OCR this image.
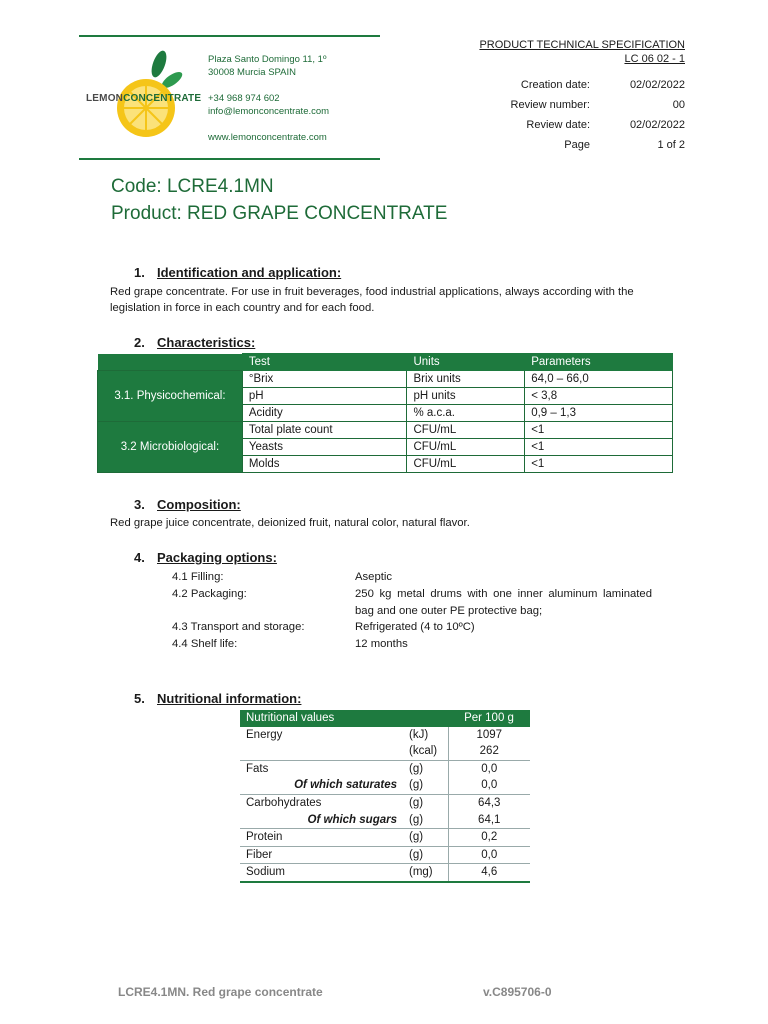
LEMONCONCENTRATE
Plaza Santo Domingo 11, 1º
30008 Murcia SPAIN
+34 968 974 602
info@lemonconcentrate.com
www.lemonconcentrate.com
PRODUCT TECHNICAL SPECIFICATION
LC 06 02 - 1
Creation date:	02/02/2022
Review number:	00
Review date:	02/02/2022
Page	1 of 2
Code: LCRE4.1MN
Product: RED GRAPE CONCENTRATE
1. Identification and application:
Red grape concentrate. For use in fruit beverages, food industrial applications, always according with the legislation in force in each country and for each food.
2. Characteristics:
	Test	Units	Parameters
3.1. Physicochemical:	°Brix	Brix units	64,0 – 66,0
	pH	pH units	< 3,8
	Acidity	% a.c.a.	0,9 – 1,3
3.2 Microbiological:	Total plate count	CFU/mL	<1
	Yeasts	CFU/mL	<1
	Molds	CFU/mL	<1
3. Composition:
Red grape juice concentrate, deionized fruit, natural color, natural flavor.
4. Packaging options:
4.1 Filling:	Aseptic
4.2 Packaging:	250 kg metal drums with one inner aluminum laminated bag and one outer PE protective bag;
4.3 Transport and storage:	Refrigerated (4 to 10ºC)
4.4 Shelf life:	12 months
5. Nutritional information:
Nutritional values		Per 100 g
Energy	(kJ)	1097
	(kcal)	262
Fats	(g)	0,0
Of which saturates	(g)	0,0
Carbohydrates	(g)	64,3
Of which sugars	(g)	64,1
Protein	(g)	0,2
Fiber	(g)	0,0
Sodium	(mg)	4,6
LCRE4.1MN. Red grape concentrate	v.C895706-0
